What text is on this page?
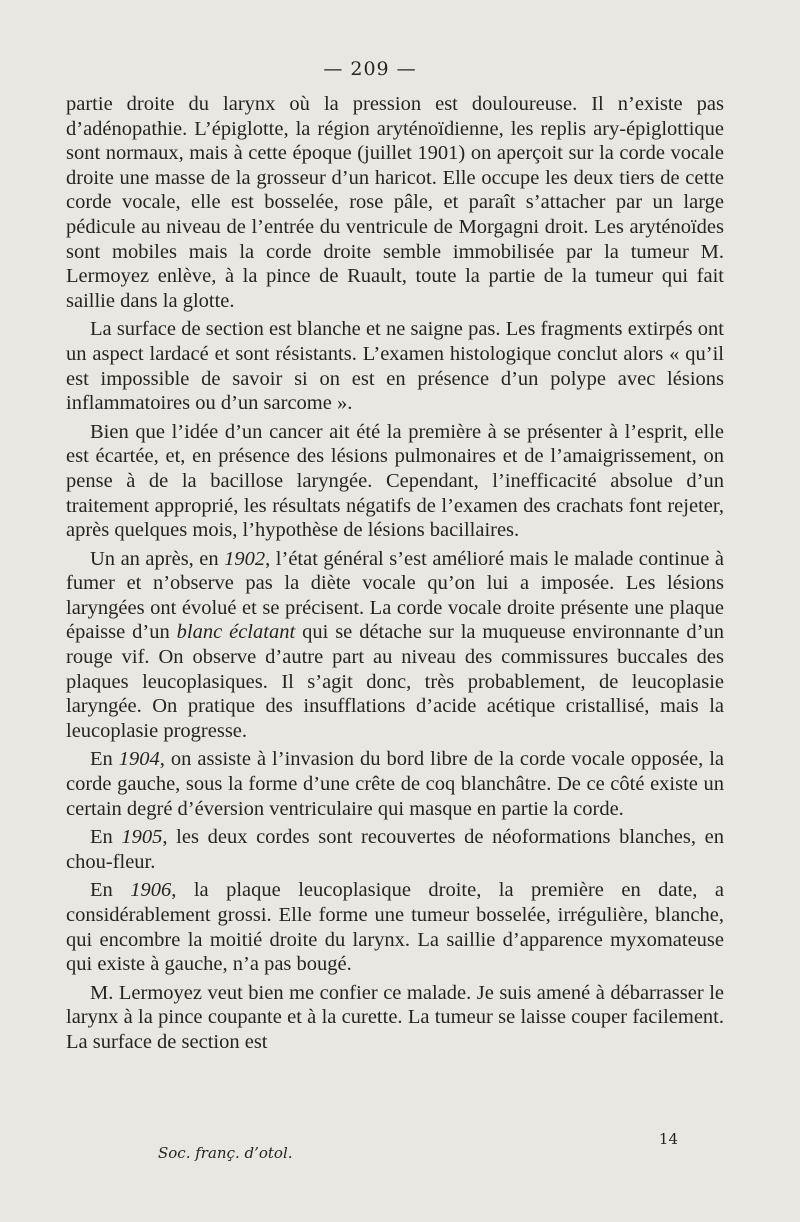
— 209 —

partie droite du larynx où la pression est douloureuse. Il n’existe pas d’adénopathie. L’épiglotte, la région aryténoïdienne, les replis ary-épiglottique sont normaux, mais à cette époque (juillet 1901) on aperçoit sur la corde vocale droite une masse de la grosseur d’un haricot. Elle occupe les deux tiers de cette corde vocale, elle est bosselée, rose pâle, et paraît s’attacher par un large pédicule au niveau de l’entrée du ventricule de Morgagni droit. Les aryténoïdes sont mobiles mais la corde droite semble immobilisée par la tumeur M. Lermoyez enlève, à la pince de Ruault, toute la partie de la tumeur qui fait saillie dans la glotte.

La surface de section est blanche et ne saigne pas. Les fragments extirpés ont un aspect lardacé et sont résistants. L’examen histologique conclut alors « qu’il est impossible de savoir si on est en présence d’un polype avec lésions inflammatoires ou d’un sarcome ».

Bien que l’idée d’un cancer ait été la première à se présenter à l’esprit, elle est écartée, et, en présence des lésions pulmonaires et de l’amaigrissement, on pense à de la bacillose laryngée. Cependant, l’inefficacité absolue d’un traitement approprié, les résultats négatifs de l’examen des crachats font rejeter, après quelques mois, l’hypothèse de lésions bacillaires.

Un an après, en 1902, l’état général s’est amélioré mais le malade continue à fumer et n’observe pas la diète vocale qu’on lui a imposée. Les lésions laryngées ont évolué et se précisent. La corde vocale droite présente une plaque épaisse d’un blanc éclatant qui se détache sur la muqueuse environnante d’un rouge vif. On observe d’autre part au niveau des commissures buccales des plaques leucoplasiques. Il s’agit donc, très probablement, de leucoplasie laryngée. On pratique des insufflations d’acide acétique cristallisé, mais la leucoplasie progresse.

En 1904, on assiste à l’invasion du bord libre de la corde vocale opposée, la corde gauche, sous la forme d’une crête de coq blanchâtre. De ce côté existe un certain degré d’éversion ventriculaire qui masque en partie la corde.

En 1905, les deux cordes sont recouvertes de néoformations blanches, en chou-fleur.

En 1906, la plaque leucoplasique droite, la première en date, a considérablement grossi. Elle forme une tumeur bosselée, irrégulière, blanche, qui encombre la moitié droite du larynx. La saillie d’apparence myxomateuse qui existe à gauche, n’a pas bougé.

M. Lermoyez veut bien me confier ce malade. Je suis amené à débarrasser le larynx à la pince coupante et à la curette. La tumeur se laisse couper facilement. La surface de section est

Soc. franç. d’otol.
14
